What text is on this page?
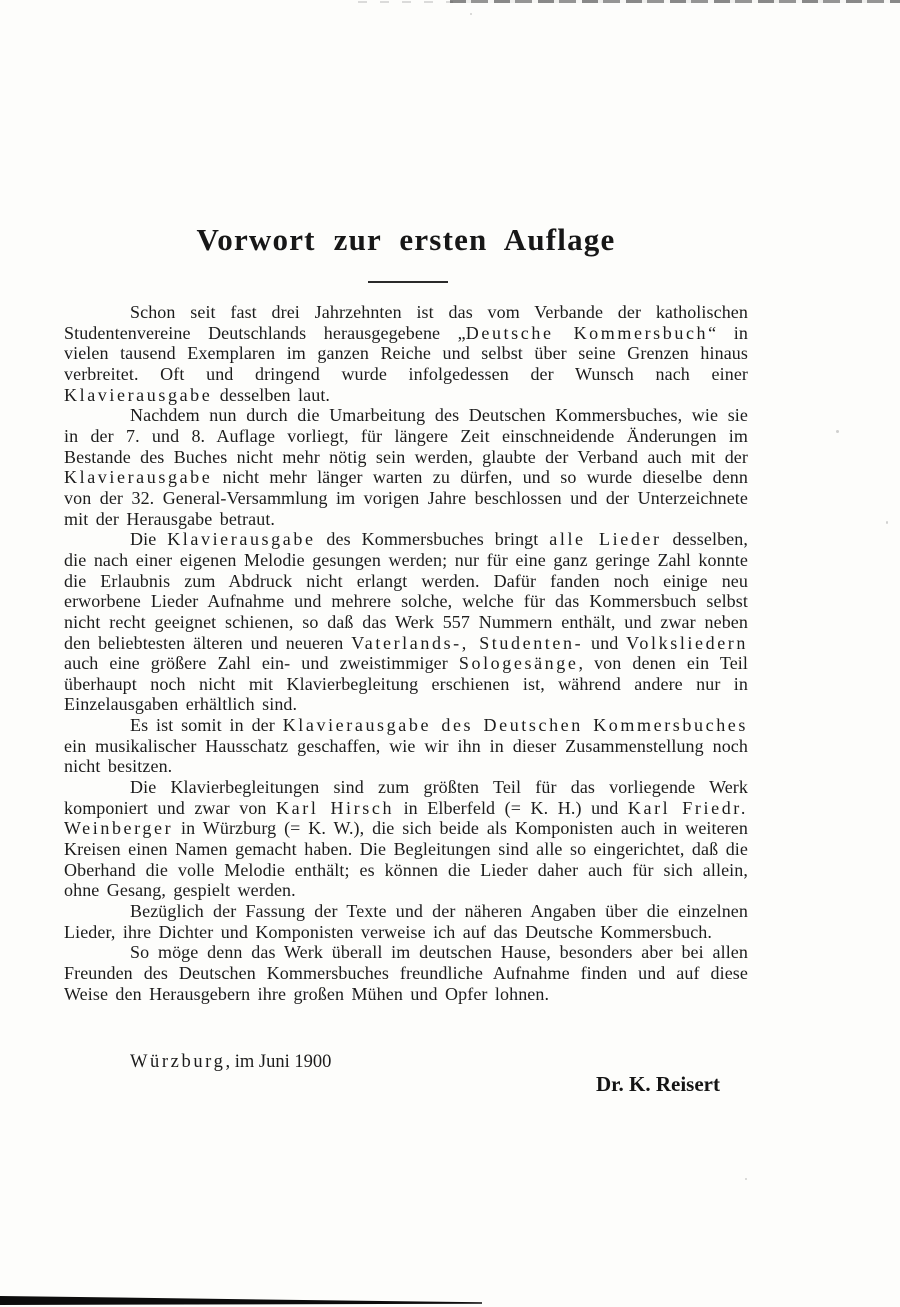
Vorwort zur ersten Auflage

Schon seit fast drei Jahrzehnten ist das vom Verbande der katholischen Studentenvereine Deutschlands herausgegebene „Deutsche Kommersbuch“ in vielen tausend Exemplaren im ganzen Reiche und selbst über seine Grenzen hinaus verbreitet. Oft und dringend wurde infolgedessen der Wunsch nach einer Klavierausgabe desselben laut.

Nachdem nun durch die Umarbeitung des Deutschen Kommersbuches, wie sie in der 7. und 8. Auflage vorliegt, für längere Zeit einschneidende Änderungen im Bestande des Buches nicht mehr nötig sein werden, glaubte der Verband auch mit der Klavierausgabe nicht mehr länger warten zu dürfen, und so wurde dieselbe denn von der 32. General-Versammlung im vorigen Jahre beschlossen und der Unterzeichnete mit der Herausgabe betraut.

Die Klavierausgabe des Kommersbuches bringt alle Lieder desselben, die nach einer eigenen Melodie gesungen werden; nur für eine ganz geringe Zahl konnte die Erlaubnis zum Abdruck nicht erlangt werden. Dafür fanden noch einige neu erworbene Lieder Aufnahme und mehrere solche, welche für das Kommersbuch selbst nicht recht geeignet schienen, so daß das Werk 557 Nummern enthält, und zwar neben den beliebtesten älteren und neueren Vaterlands-, Studenten- und Volksliedern auch eine größere Zahl ein- und zweistimmiger Sologesänge, von denen ein Teil überhaupt noch nicht mit Klavierbegleitung erschienen ist, während andere nur in Einzelausgaben erhältlich sind.

Es ist somit in der Klavierausgabe des Deutschen Kommersbuches ein musikalischer Hausschatz geschaffen, wie wir ihn in dieser Zusammenstellung noch nicht besitzen.

Die Klavierbegleitungen sind zum größten Teil für das vorliegende Werk komponiert und zwar von Karl Hirsch in Elberfeld (= K. H.) und Karl Friedr. Weinberger in Würzburg (= K. W.), die sich beide als Komponisten auch in weiteren Kreisen einen Namen gemacht haben. Die Begleitungen sind alle so eingerichtet, daß die Oberhand die volle Melodie enthält; es können die Lieder daher auch für sich allein, ohne Gesang, gespielt werden.

Bezüglich der Fassung der Texte und der näheren Angaben über die einzelnen Lieder, ihre Dichter und Komponisten verweise ich auf das Deutsche Kommersbuch.

So möge denn das Werk überall im deutschen Hause, besonders aber bei allen Freunden des Deutschen Kommersbuches freundliche Aufnahme finden und auf diese Weise den Herausgebern ihre großen Mühen und Opfer lohnen.

Würzburg, im Juni 1900
Dr. K. Reisert
